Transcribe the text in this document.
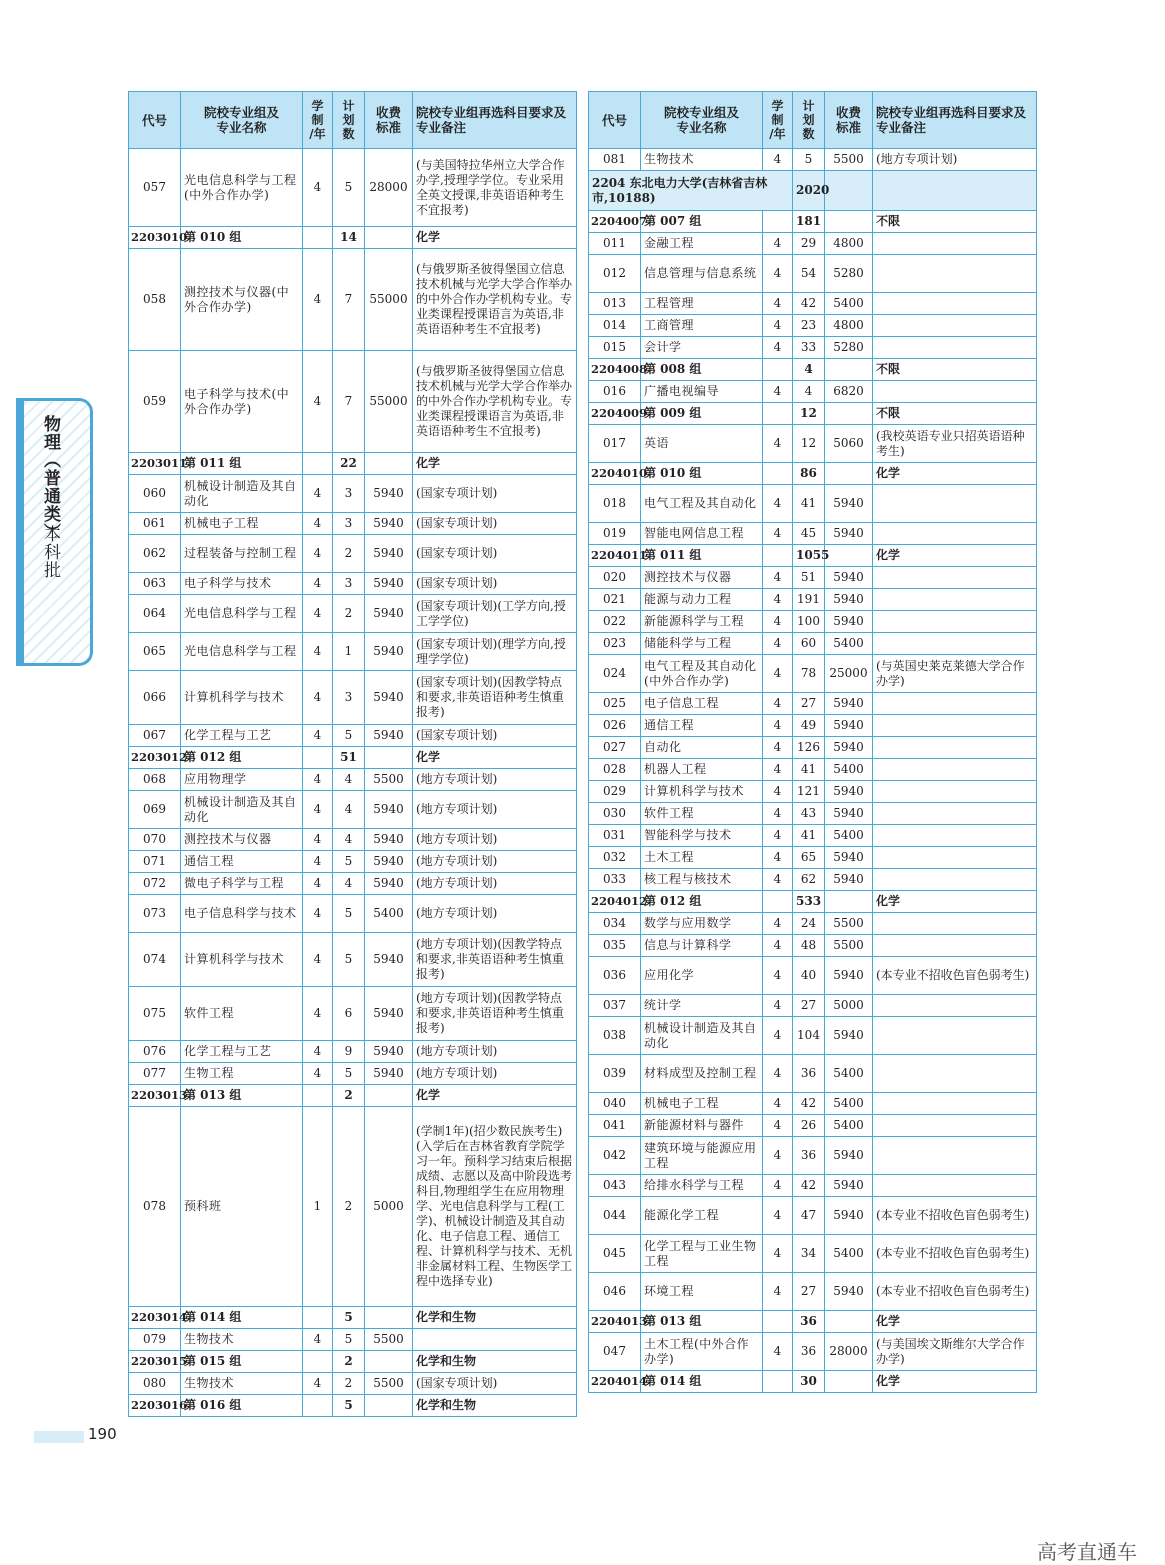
物理（普通类）
本科批
代号	院校专业组及
专业名称	学
制
/年	计
划
数	收费
标准	院校专业组再选科目要求及
专业备注
057	光电信息科学与工程(中外合作办学)	4	5	28000	(与美国特拉华州立大学合作办学,授理学学位。专业采用全英文授课,非英语语种考生不宜报考)
2203010	第 010 组		14		化学
058	测控技术与仪器(中外合作办学)	4	7	55000	(与俄罗斯圣彼得堡国立信息技术机械与光学大学合作举办的中外合作办学机构专业。专业类课程授课语言为英语,非英语语种考生不宜报考)
059	电子科学与技术(中外合作办学)	4	7	55000	(与俄罗斯圣彼得堡国立信息技术机械与光学大学合作举办的中外合作办学机构专业。专业类课程授课语言为英语,非英语语种考生不宜报考)
2203011	第 011 组		22		化学
060	机械设计制造及其自动化	4	3	5940	(国家专项计划)
061	机械电子工程	4	3	5940	(国家专项计划)
062	过程装备与控制工程	4	2	5940	(国家专项计划)
063	电子科学与技术	4	3	5940	(国家专项计划)
064	光电信息科学与工程	4	2	5940	(国家专项计划)(工学方向,授工学学位)
065	光电信息科学与工程	4	1	5940	(国家专项计划)(理学方向,授理学学位)
066	计算机科学与技术	4	3	5940	(国家专项计划)(因教学特点和要求,非英语语种考生慎重报考)
067	化学工程与工艺	4	5	5940	(国家专项计划)
2203012	第 012 组		51		化学
068	应用物理学	4	4	5500	(地方专项计划)
069	机械设计制造及其自动化	4	4	5940	(地方专项计划)
070	测控技术与仪器	4	4	5940	(地方专项计划)
071	通信工程	4	5	5940	(地方专项计划)
072	微电子科学与工程	4	4	5940	(地方专项计划)
073	电子信息科学与技术	4	5	5400	(地方专项计划)
074	计算机科学与技术	4	5	5940	(地方专项计划)(因教学特点和要求,非英语语种考生慎重报考)
075	软件工程	4	6	5940	(地方专项计划)(因教学特点和要求,非英语语种考生慎重报考)
076	化学工程与工艺	4	9	5940	(地方专项计划)
077	生物工程	4	5	5940	(地方专项计划)
2203013	第 013 组		2		化学
078	预科班	1	2	5000	(学制1年)(招少数民族考生)(入学后在吉林省教育学院学习一年。预科学习结束后根据成绩、志愿以及高中阶段选考科目,物理组学生在应用物理学、光电信息科学与工程(工学)、机械设计制造及其自动化、电子信息工程、通信工程、计算机科学与技术、无机非金属材料工程、生物医学工程中选择专业)
2203014	第 014 组		5		化学和生物
079	生物技术	4	5	5500	
2203015	第 015 组		2		化学和生物
080	生物技术	4	2	5500	(国家专项计划)
2203016	第 016 组		5		化学和生物
代号	院校专业组及
专业名称	学
制
/年	计
划
数	收费
标准	院校专业组再选科目要求及
专业备注
081	生物技术	4	5	5500	(地方专项计划)
2204 东北电力大学(吉林省吉林市,10188)			2020		
2204007	第 007 组		181		不限
011	金融工程	4	29	4800	
012	信息管理与信息系统	4	54	5280	
013	工程管理	4	42	5400	
014	工商管理	4	23	4800	
015	会计学	4	33	5280	
2204008	第 008 组		4		不限
016	广播电视编导	4	4	6820	
2204009	第 009 组		12		不限
017	英语	4	12	5060	(我校英语专业只招英语语种考生)
2204010	第 010 组		86		化学
018	电气工程及其自动化	4	41	5940	
019	智能电网信息工程	4	45	5940	
2204011	第 011 组		1055		化学
020	测控技术与仪器	4	51	5940	
021	能源与动力工程	4	191	5940	
022	新能源科学与工程	4	100	5940	
023	储能科学与工程	4	60	5400	
024	电气工程及其自动化(中外合作办学)	4	78	25000	(与英国史莱克莱德大学合作办学)
025	电子信息工程	4	27	5940	
026	通信工程	4	49	5940	
027	自动化	4	126	5940	
028	机器人工程	4	41	5400	
029	计算机科学与技术	4	121	5940	
030	软件工程	4	43	5940	
031	智能科学与技术	4	41	5400	
032	土木工程	4	65	5940	
033	核工程与核技术	4	62	5940	
2204012	第 012 组		533		化学
034	数学与应用数学	4	24	5500	
035	信息与计算科学	4	48	5500	
036	应用化学	4	40	5940	(本专业不招收色盲色弱考生)
037	统计学	4	27	5000	
038	机械设计制造及其自动化	4	104	5940	
039	材料成型及控制工程	4	36	5400	
040	机械电子工程	4	42	5400	
041	新能源材料与器件	4	26	5400	
042	建筑环境与能源应用工程	4	36	5940	
043	给排水科学与工程	4	42	5940	
044	能源化学工程	4	47	5940	(本专业不招收色盲色弱考生)
045	化学工程与工业生物工程	4	34	5400	(本专业不招收色盲色弱考生)
046	环境工程	4	27	5940	(本专业不招收色盲色弱考生)
2204013	第 013 组		36		化学
047	土木工程(中外合作办学)	4	36	28000	(与美国埃文斯维尔大学合作办学)
2204014	第 014 组		30		化学
190
高考直通车
